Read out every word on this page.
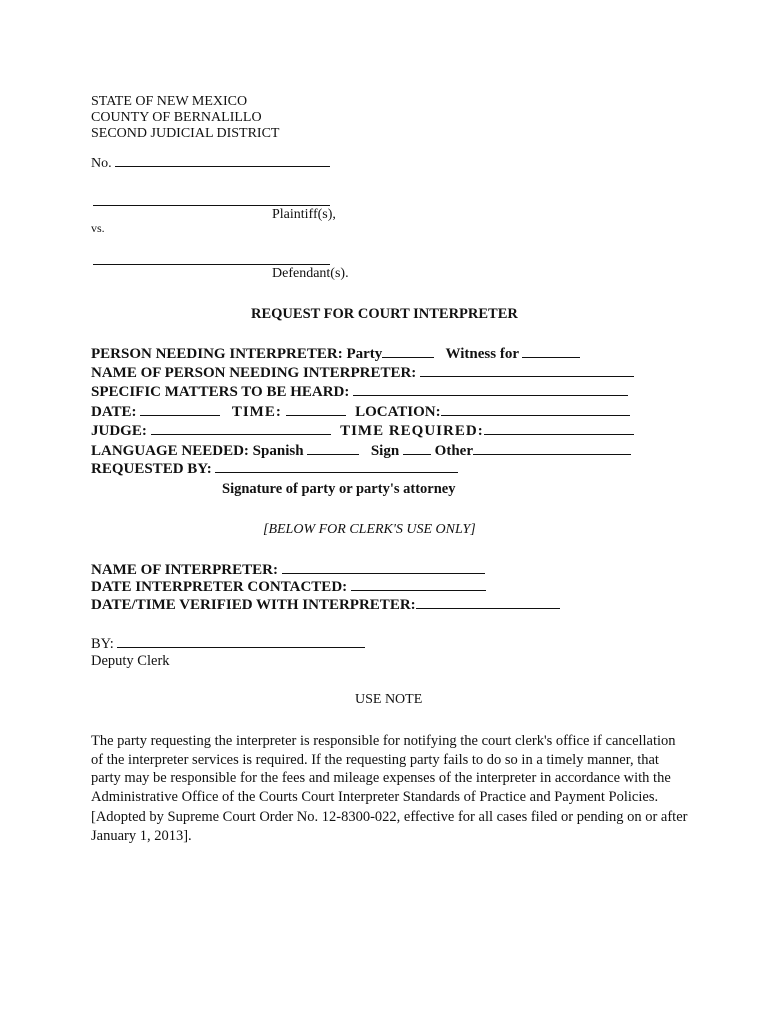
STATE OF NEW MEXICO
COUNTY OF BERNALILLO
SECOND JUDICIAL DISTRICT
No.
Plaintiff(s),
vs.
Defendant(s).
REQUEST FOR COURT INTERPRETER
PERSON NEEDING INTERPRETER: Party	Witness for
NAME OF PERSON NEEDING INTERPRETER:
SPECIFIC MATTERS TO BE HEARD:
DATE:	TIME:	LOCATION:
JUDGE:	TIME REQUIRED:
LANGUAGE NEEDED: Spanish	Sign Other
REQUESTED BY:
Signature of party or party's attorney
[BELOW FOR CLERK'S USE ONLY]
NAME OF INTERPRETER:
DATE INTERPRETER CONTACTED:
DATE/TIME VERIFIED WITH INTERPRETER:
BY:
Deputy Clerk
USE NOTE
The party requesting the interpreter is responsible for notifying the court clerk's office if cancellation of the interpreter services is required. If the requesting party fails to do so in a timely manner, that party may be responsible for the fees and mileage expenses of the interpreter in accordance with the Administrative Office of the Courts Court Interpreter Standards of Practice and Payment Policies.
[Adopted by Supreme Court Order No. 12-8300-022, effective for all cases filed or pending on or after January 1, 2013].
